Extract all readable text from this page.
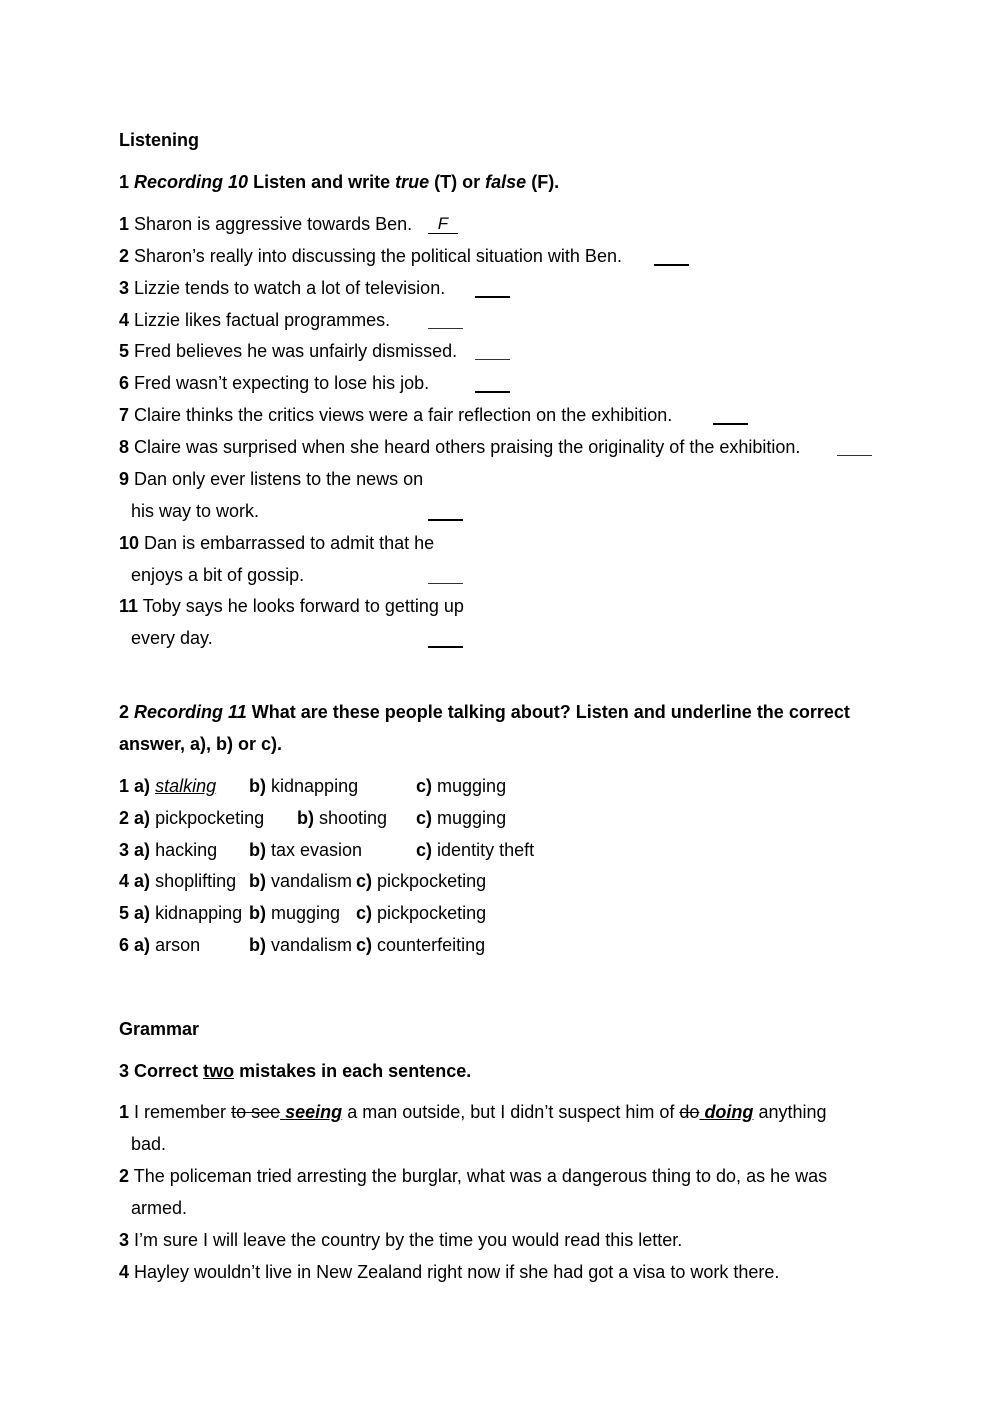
Listening
1 Recording 10 Listen and write true (T) or false (F).
1 Sharon is aggressive towards Ben.	F
2 Sharon’s really into discussing the political situation with Ben.
3 Lizzie tends to watch a lot of television.
4 Lizzie likes factual programmes.
5 Fred believes he was unfairly dismissed.
6 Fred wasn’t expecting to lose his job.
7 Claire thinks the critics views were a fair reflection on the exhibition.
8 Claire was surprised when she heard others praising the originality of the exhibition.
9 Dan only ever listens to the news on
his way to work.
10 Dan is embarrassed to admit that he
enjoys a bit of gossip.
11 Toby says he looks forward to getting up
every day.
2 Recording 11 What are these people talking about? Listen and underline the correct
answer, a), b) or c).
1 a) stalking b) kidnapping	c) mugging
2 a) pickpocketing b) shooting c) mugging
3 a) hacking b) tax evasion	c) identity theft
4 a) shoplifting b) vandalism c) pickpocketing
5 a) kidnapping b) mugging c) pickpocketing
6 a) arson	b) vandalism c) counterfeiting
Grammar
3 Correct two mistakes in each sentence.
1 I remember to see seeing a man outside, but I didn’t suspect him of do doing anything
bad.
2 The policeman tried arresting the burglar, what was a dangerous thing to do, as he was
armed.
3 I’m sure I will leave the country by the time you would read this letter.
4 Hayley wouldn’t live in New Zealand right now if she had got a visa to work there.
